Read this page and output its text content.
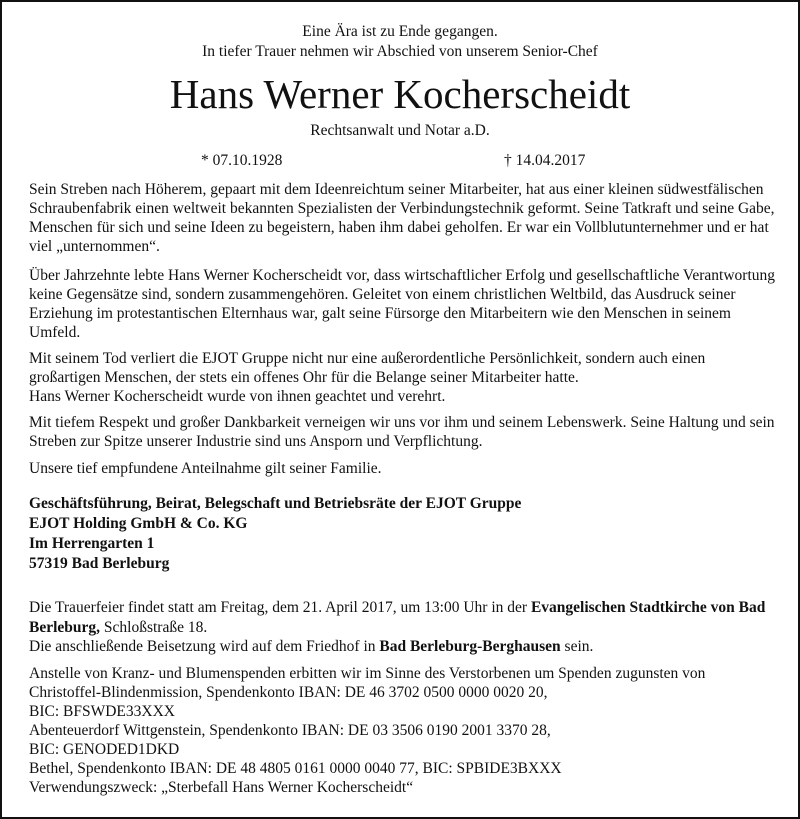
Eine Ära ist zu Ende gegangen.
In tiefer Trauer nehmen wir Abschied von unserem Senior-Chef
Hans Werner Kocherscheidt
Rechtsanwalt und Notar a.D.
* 07.10.1928	† 14.04.2017

Sein Streben nach Höherem, gepaart mit dem Ideenreichtum seiner Mitarbeiter, hat aus einer kleinen südwestfälischen Schraubenfabrik einen weltweit bekannten Spezialisten der Verbindungstechnik geformt. Seine Tatkraft und seine Gabe, Menschen für sich und seine Ideen zu begeistern, haben ihm dabei geholfen. Er war ein Vollblutunternehmer und er hat viel „unternommen“.

Über Jahrzehnte lebte Hans Werner Kocherscheidt vor, dass wirtschaftlicher Erfolg und gesellschaftliche Verantwortung keine Gegensätze sind, sondern zusammengehören. Geleitet von einem christlichen Weltbild, das Ausdruck seiner Erziehung im protestantischen Elternhaus war, galt seine Fürsorge den Mitarbeitern wie den Menschen in seinem Umfeld.

Mit seinem Tod verliert die EJOT Gruppe nicht nur eine außerordentliche Persönlichkeit, sondern auch einen großartigen Menschen, der stets ein offenes Ohr für die Belange seiner Mitarbeiter hatte.

Hans Werner Kocherscheidt wurde von ihnen geachtet und verehrt.

Mit tiefem Respekt und großer Dankbarkeit verneigen wir uns vor ihm und seinem Lebenswerk. Seine Haltung und sein Streben zur Spitze unserer Industrie sind uns Ansporn und Verpflichtung.

Unsere tief empfundene Anteilnahme gilt seiner Familie.

Geschäftsführung, Beirat, Belegschaft und Betriebsräte der EJOT Gruppe
EJOT Holding GmbH & Co. KG
Im Herrengarten 1
57319 Bad Berleburg

Die Trauerfeier findet statt am Freitag, dem 21. April 2017, um 13:00 Uhr in der Evangelischen Stadtkirche von Bad Berleburg, Schloßstraße 18.

Die anschließende Beisetzung wird auf dem Friedhof in Bad Berleburg-Berghausen sein.

Anstelle von Kranz- und Blumenspenden erbitten wir im Sinne des Verstorbenen um Spenden zugunsten von
Christoffel-Blindenmission, Spendenkonto IBAN: DE 46 3702 0500 0000 0020 20,
BIC: BFSWDE33XXX
Abenteuerdorf Wittgenstein, Spendenkonto IBAN: DE 03 3506 0190 2001 3370 28,
BIC: GENODED1DKD
Bethel, Spendenkonto IBAN: DE 48 4805 0161 0000 0040 77, BIC: SPBIDE3BXXX
Verwendungszweck: „Sterbefall Hans Werner Kocherscheidt“
